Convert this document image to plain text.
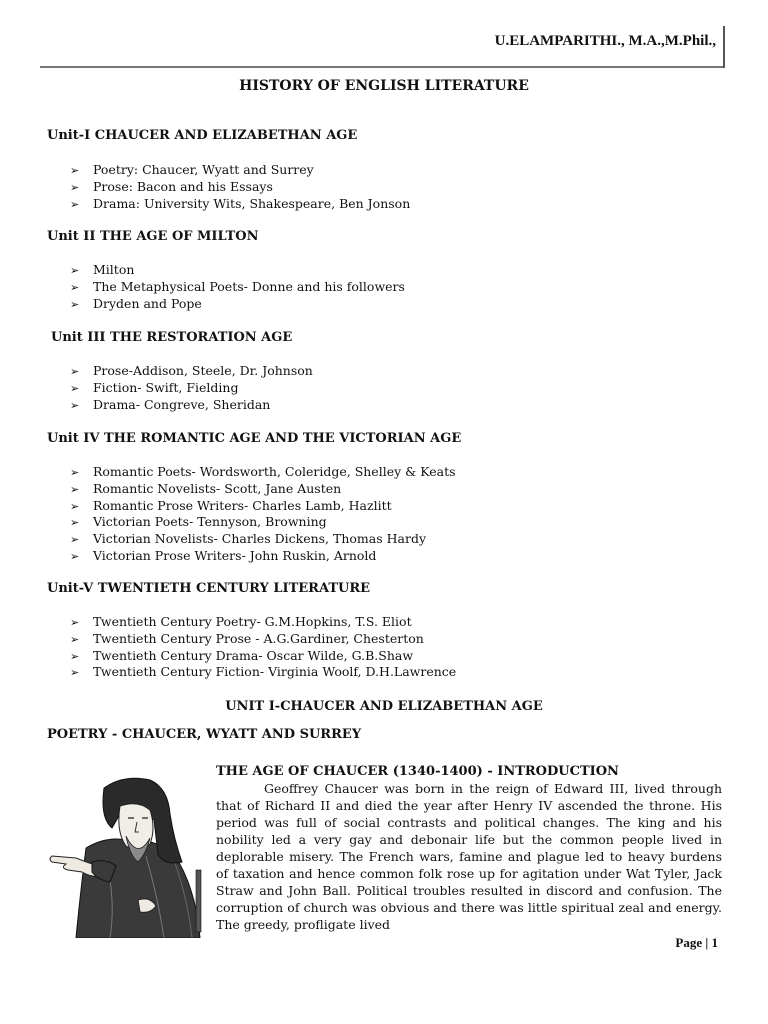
U.ELAMPARITHI., M.A.,M.Phil.,
HISTORY OF ENGLISH LITERATURE
Unit-I CHAUCER AND ELIZABETHAN AGE
➢ Poetry: Chaucer, Wyatt and Surrey
➢ Prose: Bacon and his Essays
➢ Drama: University Wits, Shakespeare, Ben Jonson
Unit II THE AGE OF MILTON
➢ Milton
➢ The Metaphysical Poets- Donne and his followers
➢ Dryden and Pope
Unit III THE RESTORATION AGE
➢ Prose-Addison, Steele, Dr. Johnson
➢ Fiction- Swift, Fielding
➢ Drama- Congreve, Sheridan
Unit IV THE ROMANTIC AGE AND THE VICTORIAN AGE
➢ Romantic Poets- Wordsworth, Coleridge, Shelley & Keats
➢ Romantic Novelists- Scott, Jane Austen
➢ Romantic Prose Writers- Charles Lamb, Hazlitt
➢ Victorian Poets- Tennyson, Browning
➢ Victorian Novelists- Charles Dickens, Thomas Hardy
➢ Victorian Prose Writers- John Ruskin, Arnold
Unit-V TWENTIETH CENTURY LITERATURE
➢ Twentieth Century Poetry- G.M.Hopkins, T.S. Eliot
➢ Twentieth Century Prose - A.G.Gardiner, Chesterton
➢ Twentieth Century Drama- Oscar Wilde, G.B.Shaw
➢ Twentieth Century Fiction- Virginia Woolf, D.H.Lawrence
UNIT I-CHAUCER AND ELIZABETHAN AGE
POETRY - CHAUCER, WYATT AND SURREY
THE AGE OF CHAUCER (1340-1400) - INTRODUCTION

Geoffrey Chaucer was born in the reign of Edward III, lived through that of Richard II and died the year after Henry IV ascended the throne. His period was full of social contrasts and political changes. The king and his nobility led a very gay and debonair life but the common people lived in deplorable misery. The French wars, famine and plague led to heavy burdens of taxation and hence common folk rose up for agitation under Wat Tyler, Jack Straw and John Ball. Political troubles resulted in discord and confusion. The corruption of church was obvious and there was little spiritual zeal and energy. The greedy, profligate lived

Page | 1
